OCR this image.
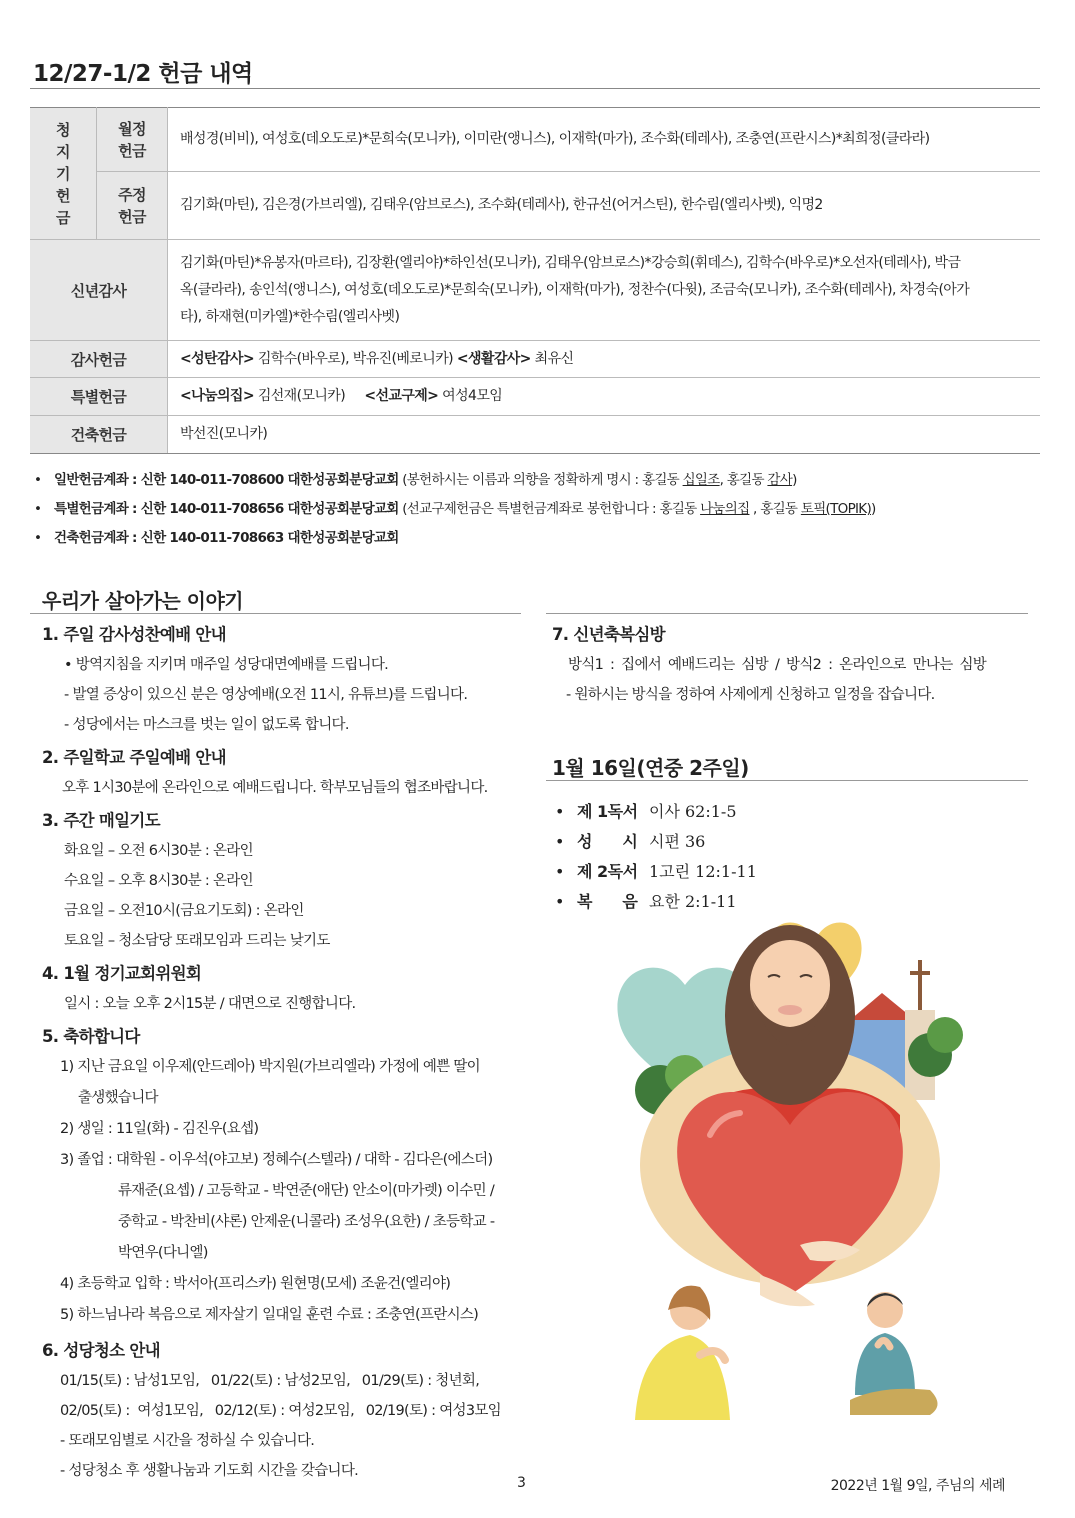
12/27-1/2 헌금 내역
청
지
기
헌
금	월정
헌금	배성경(비비), 여성호(데오도로)*문희숙(모니카), 이미란(앵니스), 이재학(마가), 조수화(테레사), 조충연(프란시스)*최희정(클라라)

	주정
헌금	김기화(마틴), 김은경(가브리엘), 김태우(암브로스), 조수화(테레사), 한규선(어거스틴), 한수림(엘리사벳), 익명2
신년감사		김기화(마틴)*유봉자(마르타), 김장환(엘리야)*하인선(모니카), 김태우(암브로스)*강승희(휘데스), 김학수(바우로)*오선자(테레사), 박금
옥(클라라), 송인석(앵니스), 여성호(데오도로)*문희숙(모니카), 이재학(마가), 정찬수(다윗), 조금숙(모니카), 조수화(테레사), 차경숙(아가
타), 하재현(미카엘)*한수림(엘리사벳)

감사헌금		<성탄감사> 김학수(바우로), 박유진(베로니카) <생활감사> 최유신
특별헌금		<나눔의집> 김선재(모니카)     <선교구제> 여성4모임
건축헌금		박선진(모니카)
• 일반헌금계좌 : 신한 140-011-708600 대한성공회분당교회 (봉헌하시는 이름과 의향을 정확하게 명시 : 홍길동 십일조, 홍길동 감사)
• 특별헌금계좌 : 신한 140-011-708656 대한성공회분당교회 (선교구제헌금은 특별헌금계좌로 봉헌합니다 : 홍길동 나눔의집 , 홍길동 토픽(TOPIK))
• 건축헌금계좌 : 신한 140-011-708663 대한성공회분당교회
우리가 살아가는 이야기
1. 주일 감사성찬예배 안내
• 방역지침을 지키며 매주일 성당대면예배를 드립니다.
- 발열 증상이 있으신 분은 영상예배(오전 11시, 유튜브)를 드립니다.
- 성당에서는 마스크를 벗는 일이 없도록 합니다.
2. 주일학교 주일예배 안내
오후 1시30분에 온라인으로 예배드립니다. 학부모님들의 협조바랍니다.
3. 주간 매일기도
화요일 – 오전 6시30분 : 온라인
수요일 – 오후 8시30분 : 온라인
금요일 – 오전10시(금요기도회) : 온라인
토요일 – 청소담당 또래모임과 드리는 낮기도
4. 1월 정기교회위원회
일시 : 오늘 오후 2시15분 / 대면으로 진행합니다.
5. 축하합니다
1) 지난 금요일 이우제(안드레아) 박지원(가브리엘라) 가정에 예쁜 딸이
출생했습니다
2) 생일 : 11일(화) - 김진우(요셉)
3) 졸업 : 대학원 - 이우석(야고보) 정혜수(스텔라) / 대학 - 김다은(에스더)
류재준(요셉) / 고등학교 - 박연준(애단) 안소이(마가렛) 이수민 /
중학교 - 박찬비(샤론) 안제운(니콜라) 조성우(요한) / 초등학교 -
박연우(다니엘)
4) 초등학교 입학 : 박서아(프리스카) 원현명(모세) 조윤건(엘리야)
5) 하느님나라 복음으로 제자살기 일대일 훈련 수료 : 조충연(프란시스)
6. 성당청소 안내
01/15(토) : 남성1모임,   01/22(토) : 남성2모임,   01/29(토) : 청년회,
02/05(토) :  여성1모임,   02/12(토) : 여성2모임,   02/19(토) : 여성3모임
- 또래모임별로 시간을 정하실 수 있습니다.
- 성당청소 후 생활나눔과 기도회 시간을 갖습니다.
7. 신년축복심방
방식1 : 집에서 예배드리는 심방 / 방식2 : 온라인으로 만나는 심방
- 원하시는 방식을 정하여 사제에게 신청하고 일정을 잡습니다.
1월 16일(연중 2주일)
• 제 1독서 이사 62:1-5
• 성      시 시편 36
• 제 2독서 1고린 12:1-11
• 복      음 요한 2:1-11
3	2022년 1월 9일, 주님의 세례
